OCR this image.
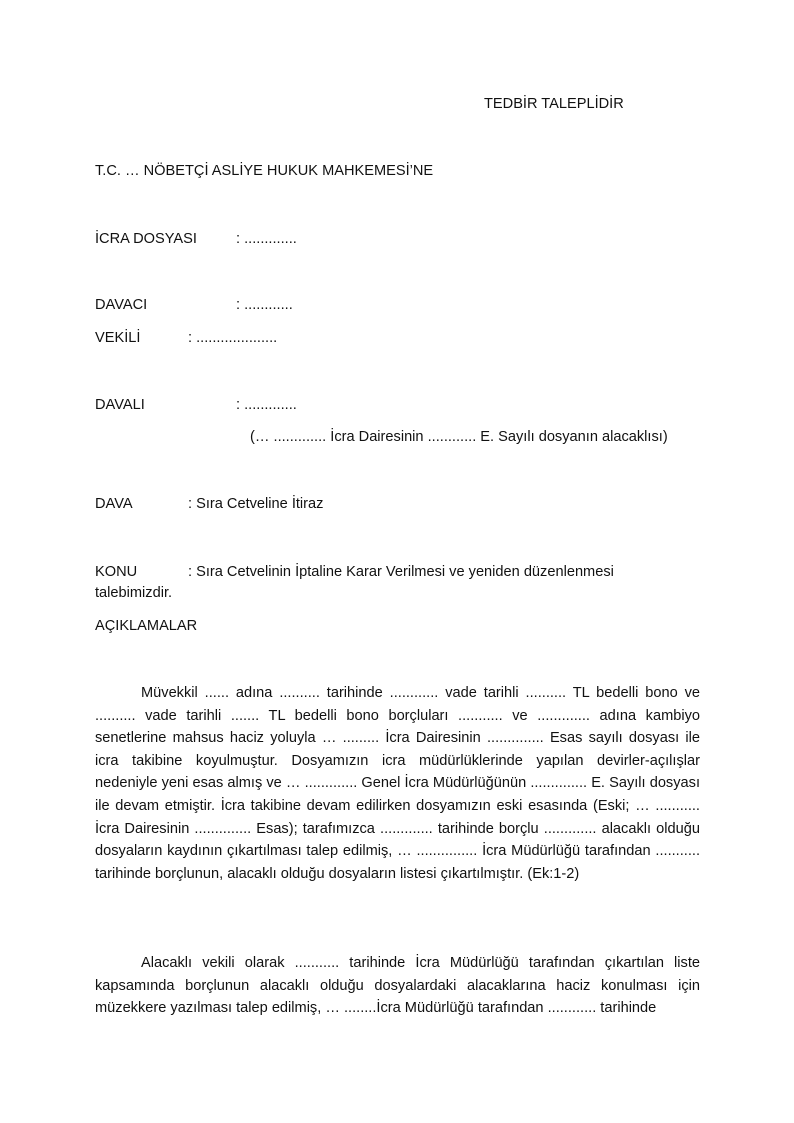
TEDBİR TALEPLİDİR
T.C. … NÖBETÇİ ASLİYE HUKUK MAHKEMESİ’NE
İCRA DOSYASI	: .............
DAVACI	: ............
VEKİLİ	: ....................
DAVALI	: .............
(… ............. İcra Dairesinin ............ E. Sayılı dosyanın alacaklısı)
DAVA	: Sıra Cetveline İtiraz
KONU	: Sıra Cetvelinin İptaline Karar Verilmesi ve yeniden düzenlenmesi
talebimizdir.
AÇIKLAMALAR
Müvekkil ...... adına .......... tarihinde ............ vade tarihli .......... TL bedelli bono ve .......... vade tarihli ....... TL bedelli bono borçluları ........... ve ............. adına kambiyo senetlerine mahsus haciz yoluyla … ......... İcra Dairesinin .............. Esas sayılı dosyası ile icra takibine koyulmuştur. Dosyamızın icra müdürlüklerinde yapılan devirler-açılışlar nedeniyle yeni esas almış ve … ............. Genel İcra Müdürlüğünün .............. E. Sayılı dosyası ile devam etmiştir. İcra takibine devam edilirken dosyamızın eski esasında (Eski; … ........... İcra Dairesinin .............. Esas); tarafımızca ............. tarihinde borçlu ............. alacaklı olduğu dosyaların kaydının çıkartılması talep edilmiş, … ............... İcra Müdürlüğü tarafından ........... tarihinde borçlunun, alacaklı olduğu dosyaların listesi çıkartılmıştır. (Ek:1-2)
Alacaklı vekili olarak ........... tarihinde İcra Müdürlüğü tarafından çıkartılan liste kapsamında borçlunun alacaklı olduğu dosyalardaki alacaklarına haciz konulması için müzekkere yazılması talep edilmiş, … ........İcra Müdürlüğü tarafından ............ tarihinde
